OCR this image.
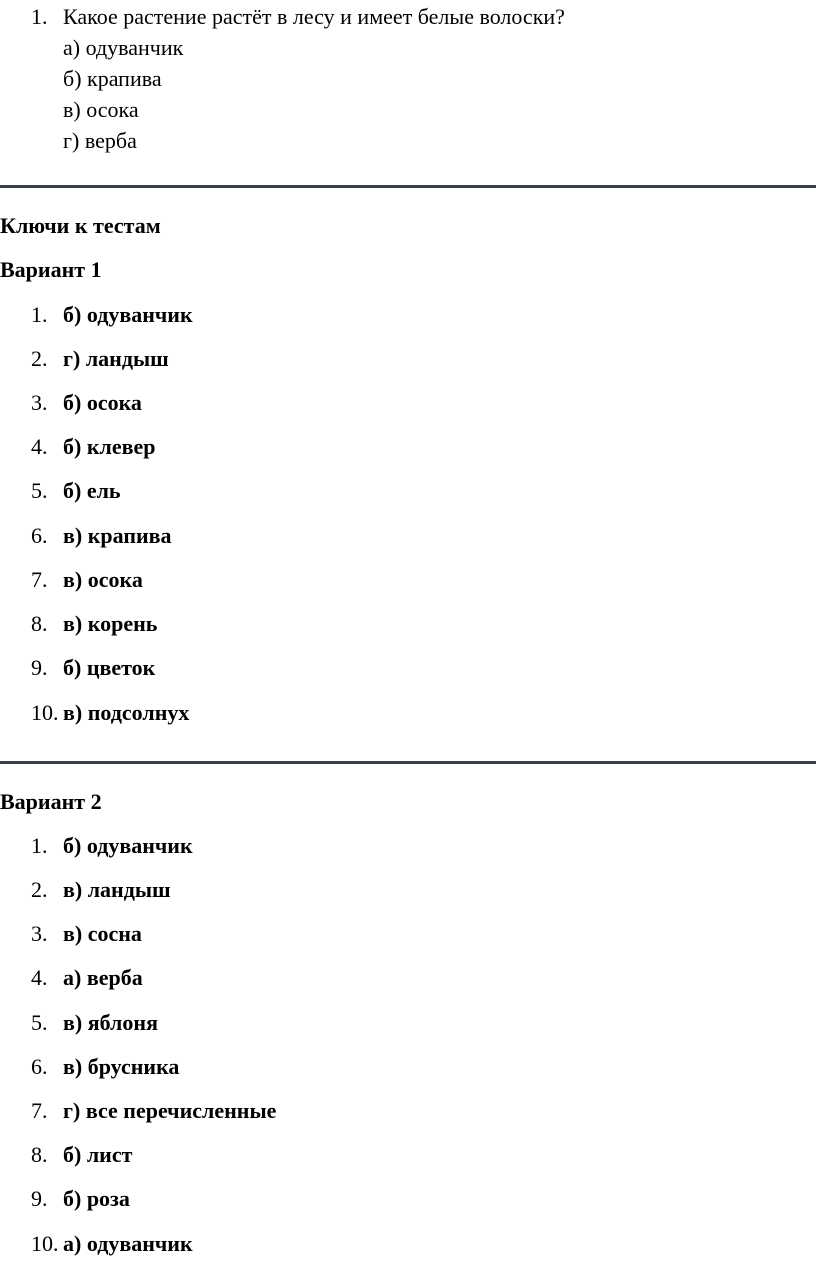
1. Какое растение растёт в лесу и имеет белые волоски?
а) одуванчик
б) крапива
в) осока
г) верба
Ключи к тестам
Вариант 1
1. б) одуванчик
2. г) ландыш
3. б) осока
4. б) клевер
5. б) ель
6. в) крапива
7. в) осока
8. в) корень
9. б) цветок
10. в) подсолнух
Вариант 2
1. б) одуванчик
2. в) ландыш
3. в) сосна
4. а) верба
5. в) яблоня
6. в) брусника
7. г) все перечисленные
8. б) лист
9. б) роза
10. а) одуванчик
